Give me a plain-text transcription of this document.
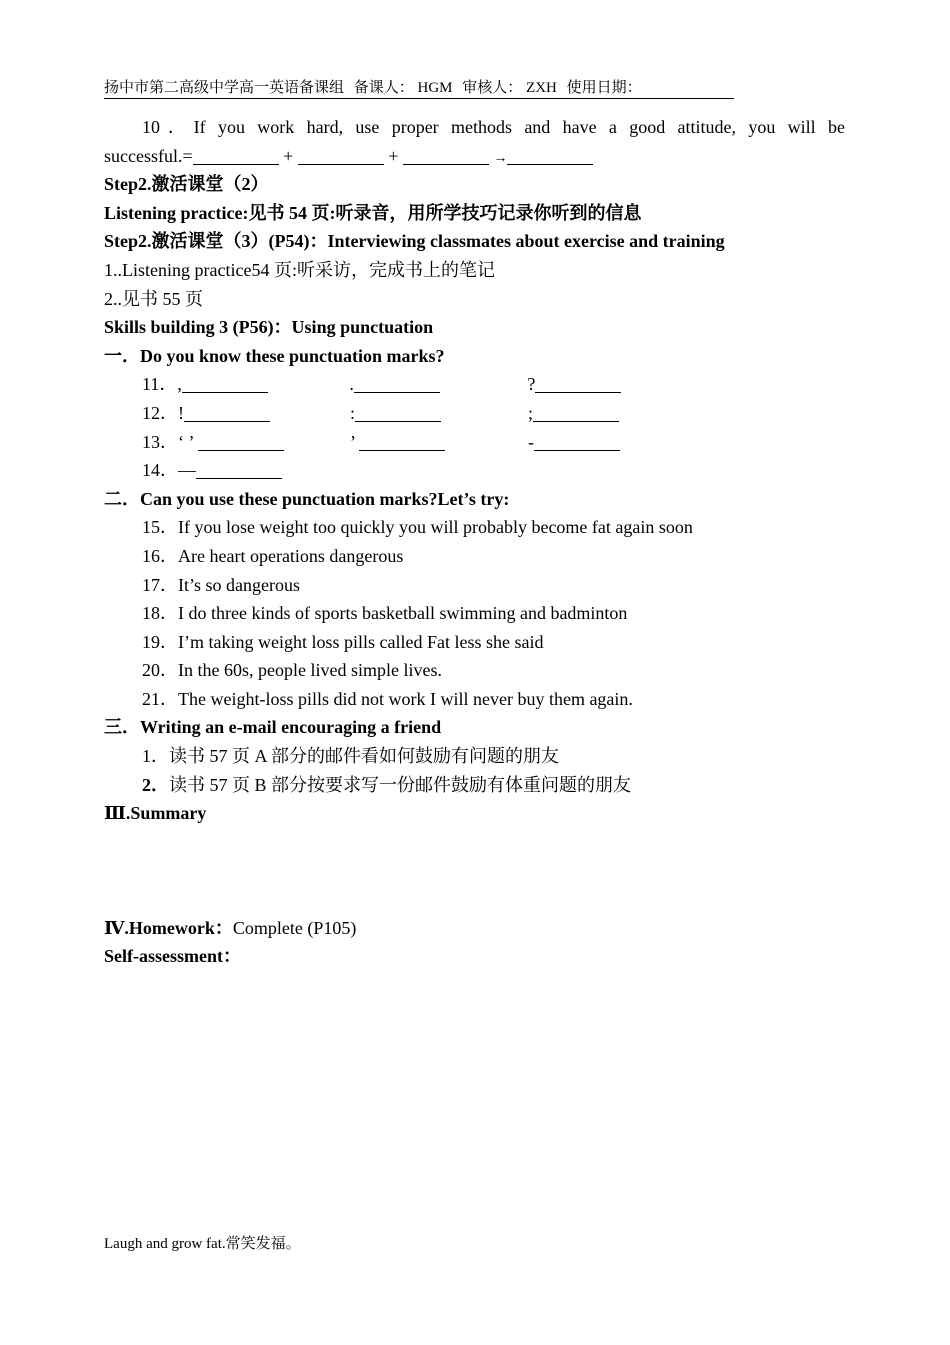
扬中市第二高级中学高一英语备课组 备课人： HGM 审核人： ZXH 使用日期：
10．If you work hard, use proper methods and have a good attitude, you will be
successful.=	+	+	→
Step2.激活课堂（2）
Listening practice:见书 54 页:听录音，用所学技巧记录你听到的信息
Step2.激活课堂（3）(P54)：Interviewing classmates about exercise and training
1..Listening practice54 页:听采访，完成书上的笔记
2..见书 55 页
Skills building 3 (P56)：Using punctuation
一．Do you know these punctuation marks?
11．,	.	?
12．!	:	;
13．‘ ’	’	-
14．—
二．Can you use these punctuation marks?Let’s try:
15．If you lose weight too quickly you will probably become fat again soon
16．Are heart operations dangerous
17．It’s so dangerous
18．I do three kinds of sports basketball swimming and badminton
19．I’m taking weight loss pills called Fat less she said
20．In the 60s, people lived simple lives.
21．The weight-loss pills did not work I will never buy them again.
三．Writing an e-mail encouraging a friend
1．读书 57 页 A 部分的邮件看如何鼓励有问题的朋友
2．读书 57 页 B 部分按要求写一份邮件鼓励有体重问题的朋友
Ⅲ.Summary
Ⅳ.Homework：Complete (P105)
Self-assessment：
Laugh and grow fat.常笑发福。
